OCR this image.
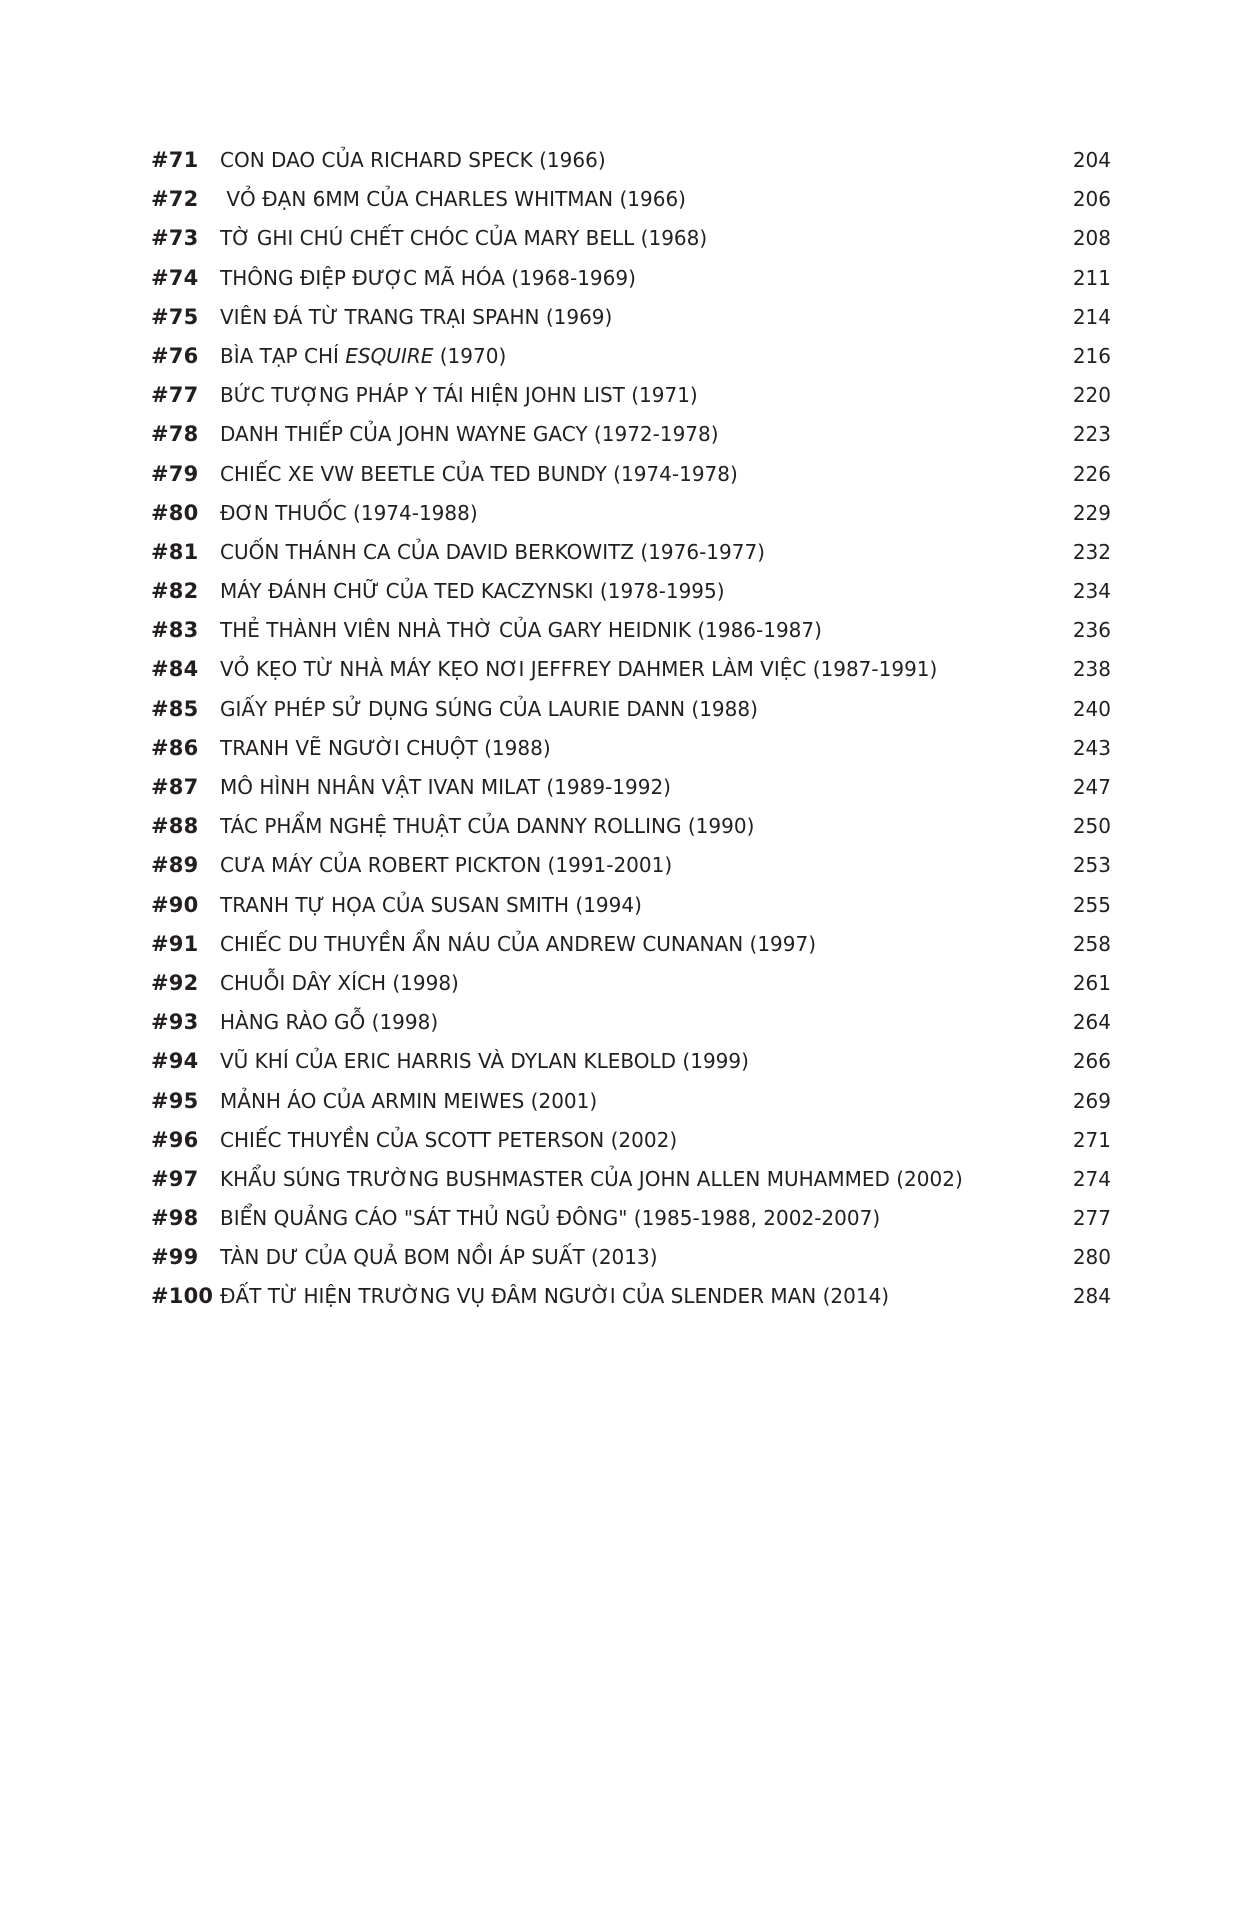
#71 CON DAO CỦA RICHARD SPECK (1966)	204
#72 VỎ ĐẠN 6MM CỦA CHARLES WHITMAN (1966)	206
#73 TỜ GHI CHÚ CHẾT CHÓC CỦA MARY BELL (1968)	208
#74 THÔNG ĐIỆP ĐƯỢC MÃ HÓA (1968-1969)	211
#75 VIÊN ĐÁ TỪ TRANG TRẠI SPAHN (1969)	214
#76 BÌA TẠP CHÍ ESQUIRE (1970)	216
#77 BỨC TƯỢNG PHÁP Y TÁI HIỆN JOHN LIST (1971)	220
#78 DANH THIẾP CỦA JOHN WAYNE GACY (1972-1978)	223
#79 CHIẾC XE VW BEETLE CỦA TED BUNDY (1974-1978)	226
#80 ĐƠN THUỐC (1974-1988)	229
#81 CUỐN THÁNH CA CỦA DAVID BERKOWITZ (1976-1977)	232
#82 MÁY ĐÁNH CHỮ CỦA TED KACZYNSKI (1978-1995)	234
#83 THẺ THÀNH VIÊN NHÀ THỜ CỦA GARY HEIDNIK (1986-1987)	236
#84 VỎ KẸO TỪ NHÀ MÁY KẸO NƠI JEFFREY DAHMER LÀM VIỆC (1987-1991)	238
#85 GIẤY PHÉP SỬ DỤNG SÚNG CỦA LAURIE DANN (1988)	240
#86 TRANH VẼ NGƯỜI CHUỘT (1988)	243
#87 MÔ HÌNH NHÂN VẬT IVAN MILAT (1989-1992)	247
#88 TÁC PHẨM NGHỆ THUẬT CỦA DANNY ROLLING (1990)	250
#89 CƯA MÁY CỦA ROBERT PICKTON (1991-2001)	253
#90 TRANH TỰ HỌA CỦA SUSAN SMITH (1994)	255
#91 CHIẾC DU THUYỀN ẨN NÁU CỦA ANDREW CUNANAN (1997)	258
#92 CHUỖI DÂY XÍCH (1998)	261
#93 HÀNG RÀO GỖ (1998)	264
#94 VŨ KHÍ CỦA ERIC HARRIS VÀ DYLAN KLEBOLD (1999)	266
#95 MẢNH ÁO CỦA ARMIN MEIWES (2001)	269
#96 CHIẾC THUYỀN CỦA SCOTT PETERSON (2002)	271
#97 KHẨU SÚNG TRƯỜNG BUSHMASTER CỦA JOHN ALLEN MUHAMMED (2002)	274
#98 BIỂN QUẢNG CÁO "SÁT THỦ NGỦ ĐÔNG" (1985-1988, 2002-2007)	277
#99 TÀN DƯ CỦA QUẢ BOM NỒI ÁP SUẤT (2013)	280
#100 ĐẤT TỪ HIỆN TRƯỜNG VỤ ĐÂM NGƯỜI CỦA SLENDER MAN (2014)	284
